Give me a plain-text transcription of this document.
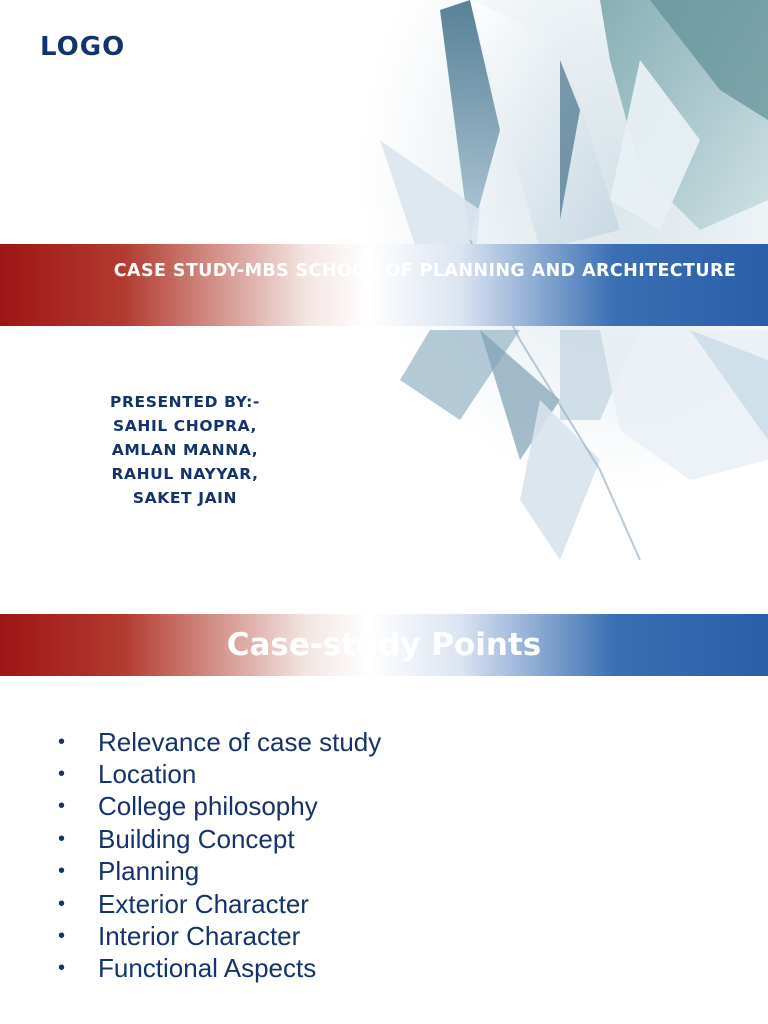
LOGO
CASE STUDY-MBS SCHOOL OF PLANNING AND ARCHITECTURE
PRESENTED BY:-
SAHIL CHOPRA,
AMLAN MANNA,
RAHUL NAYYAR,
SAKET JAIN
Case-study Points
•	Relevance of case study
•	Location
•	College philosophy
•	Building Concept
•	Planning
•	Exterior Character
•	Interior Character
•	Functional Aspects
